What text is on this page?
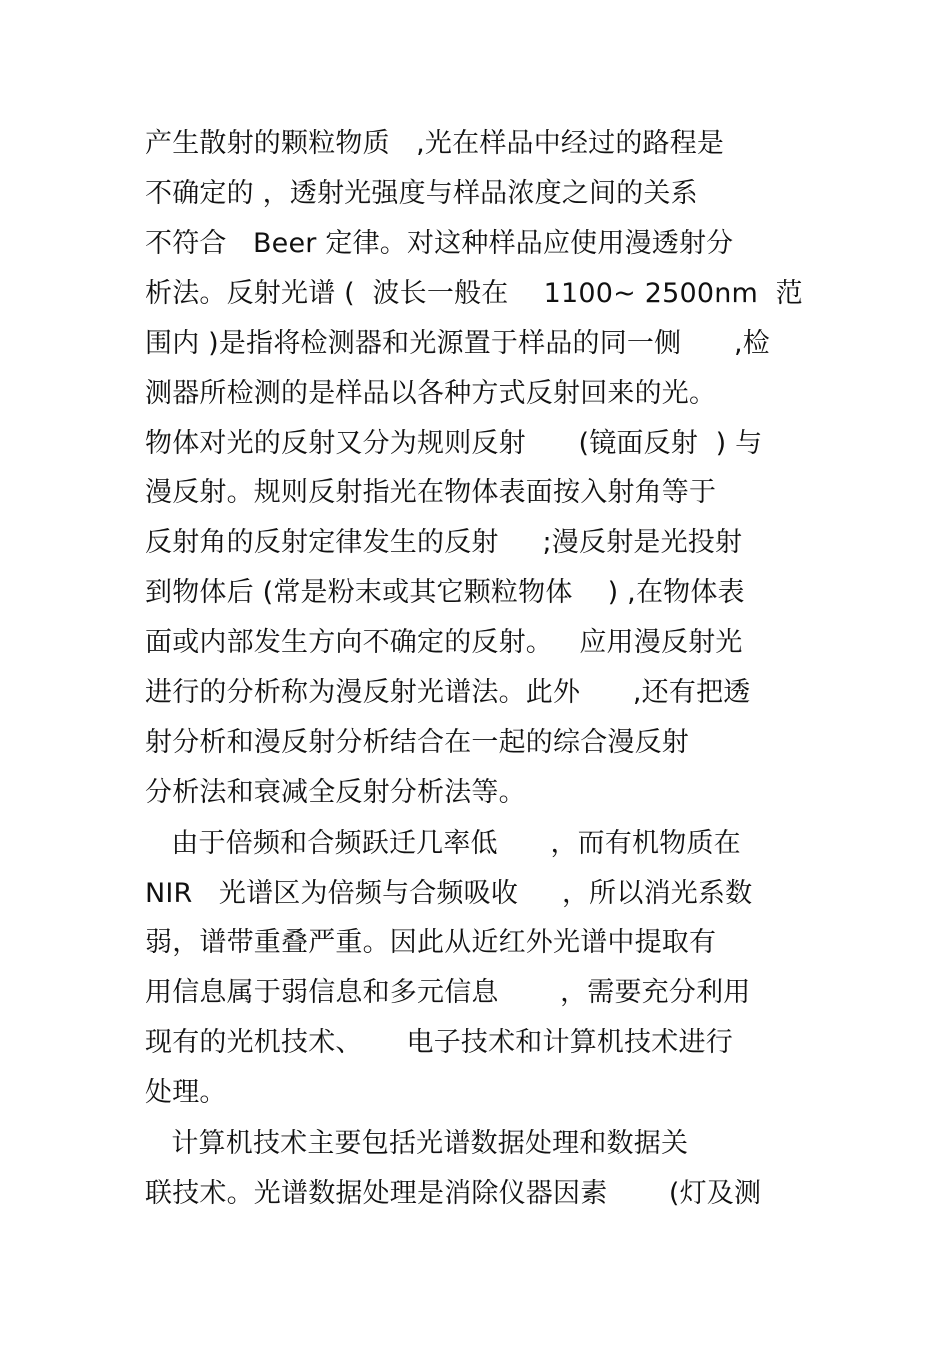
产生散射的颗粒物质   ,光在样品中经过的路程是
不确定的 ，透射光强度与样品浓度之间的关系
不符合   Beer 定律。对这种样品应使用漫透射分
析法。反射光谱 (  波长一般在    1100~ 2500nm  范
围内 )是指将检测器和光源置于样品的同一侧      ,检
测器所检测的是样品以各种方式反射回来的光。
物体对光的反射又分为规则反射      (镜面反射  ) 与
漫反射。规则反射指光在物体表面按入射角等于
反射角的反射定律发生的反射     ;漫反射是光投射
到物体后 (常是粉末或其它颗粒物体    ) ,在物体表
面或内部发生方向不确定的反射。   应用漫反射光
进行的分析称为漫反射光谱法。此外      ,还有把透
射分析和漫反射分析结合在一起的综合漫反射
分析法和衰减全反射分析法等。
由于倍频和合频跃迁几率低      ，而有机物质在
NIR   光谱区为倍频与合频吸收     ，所以消光系数
弱，谱带重叠严重。因此从近红外光谱中提取有
用信息属于弱信息和多元信息       ，需要充分利用
现有的光机技术、     电子技术和计算机技术进行
处理。
计算机技术主要包括光谱数据处理和数据关
联技术。光谱数据处理是消除仪器因素       (灯及测
